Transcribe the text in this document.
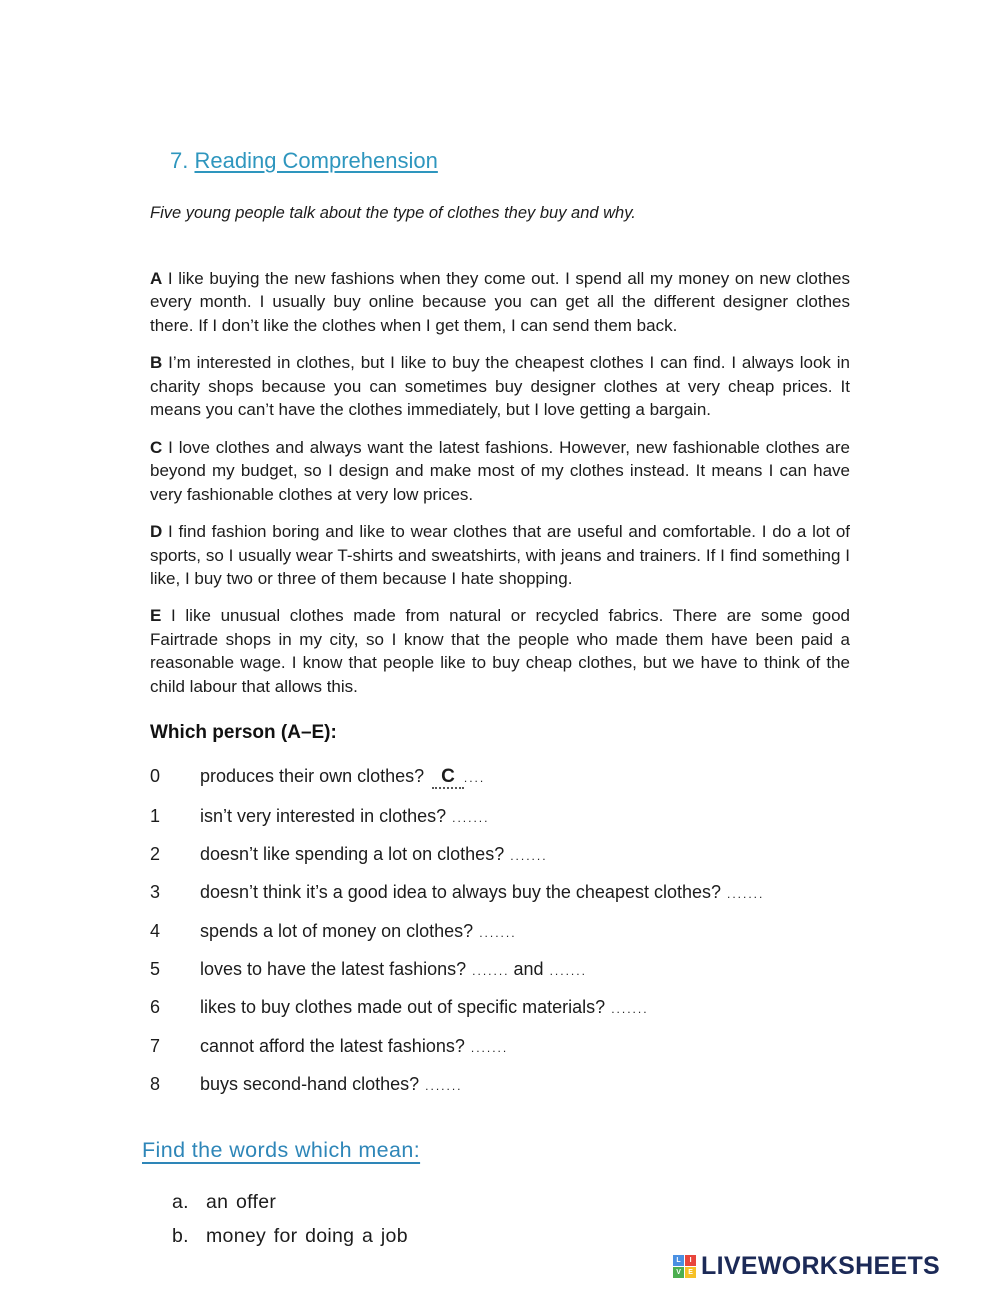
7. Reading Comprehension

Five young people talk about the type of clothes they buy and why.

A I like buying the new fashions when they come out. I spend all my money on new clothes every month. I usually buy online because you can get all the different designer clothes there. If I don’t like the clothes when I get them, I can send them back.

B I’m interested in clothes, but I like to buy the cheapest clothes I can find. I always look in charity shops because you can sometimes buy designer clothes at very cheap prices. It means you can’t have the clothes immediately, but I love getting a bargain.

C I love clothes and always want the latest fashions. However, new fashionable clothes are beyond my budget, so I design and make most of my clothes instead. It means I can have very fashionable clothes at very low prices.

D I find fashion boring and like to wear clothes that are useful and comfortable. I do a lot of sports, so I usually wear T-shirts and sweatshirts, with jeans and trainers. If I find something I like, I buy two or three of them because I hate shopping.

E I like unusual clothes made from natural or recycled fabrics. There are some good Fairtrade shops in my city, so I know that the people who made them have been paid a reasonable wage. I know that people like to buy cheap clothes, but we have to think of the child labour that allows this.

Which person (A–E):
0 produces their own clothes? C ....
1 isn’t very interested in clothes? .......
2 doesn’t like spending a lot on clothes? .......
3 doesn’t think it’s a good idea to always buy the cheapest clothes? .......
4 spends a lot of money on clothes? .......
5 loves to have the latest fashions? ....... and .......
6 likes to buy clothes made out of specific materials? .......
7 cannot afford the latest fashions? .......
8 buys second-hand clothes? .......
Find the words which mean:
a. an offer
b. money for doing a job
L	I
V	E LIVEWORKSHEETS
